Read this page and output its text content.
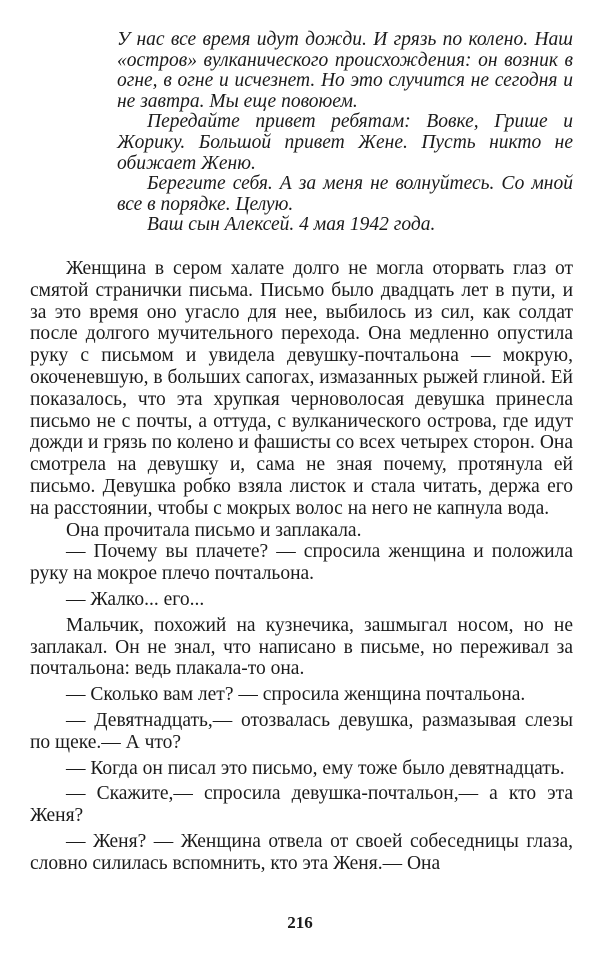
У нас все время идут дожди. И грязь по колено. Наш «остров» вулканического происхождения: он возник в огне, в огне и исчезнет. Но это случится не сегодня и не завтра. Мы еще повоюем.

Передайте привет ребятам: Вовке, Грише и Жорику. Большой привет Жене. Пусть никто не обижает Женю.

Берегите себя. А за меня не волнуйтесь. Со мной все в порядке. Целую.

Ваш сын Алексей. 4 мая 1942 года.

Женщина в сером халате долго не могла оторвать глаз от смятой странички письма. Письмо было двадцать лет в пути, и за это время оно угасло для нее, выбилось из сил, как солдат после долгого мучительного перехода. Она медленно опустила руку с письмом и увидела девушку-почтальона — мокрую, окоченевшую, в больших сапогах, измазанных рыжей глиной. Ей показалось, что эта хрупкая черноволосая девушка принесла письмо не с почты, а оттуда, с вулканического острова, где идут дожди и грязь по колено и фашисты со всех четырех сторон. Она смотрела на девушку и, сама не зная почему, протянула ей письмо. Девушка робко взяла листок и стала читать, держа его на расстоянии, чтобы с мокрых волос на него не капнула вода.

Она прочитала письмо и заплакала.

— Почему вы плачете? — спросила женщина и положила руку на мокрое плечо почтальона.

— Жалко... его...

Мальчик, похожий на кузнечика, зашмыгал носом, но не заплакал. Он не знал, что написано в письме, но переживал за почтальона: ведь плакала-то она.

— Сколько вам лет? — спросила женщина почтальона.

— Девятнадцать,— отозвалась девушка, размазывая слезы по щеке.— А что?

— Когда он писал это письмо, ему тоже было девятнадцать.

— Скажите,— спросила девушка-почтальон,— а кто эта Женя?

— Женя? — Женщина отвела от своей собеседницы глаза, словно силилась вспомнить, кто эта Женя.— Она

216
